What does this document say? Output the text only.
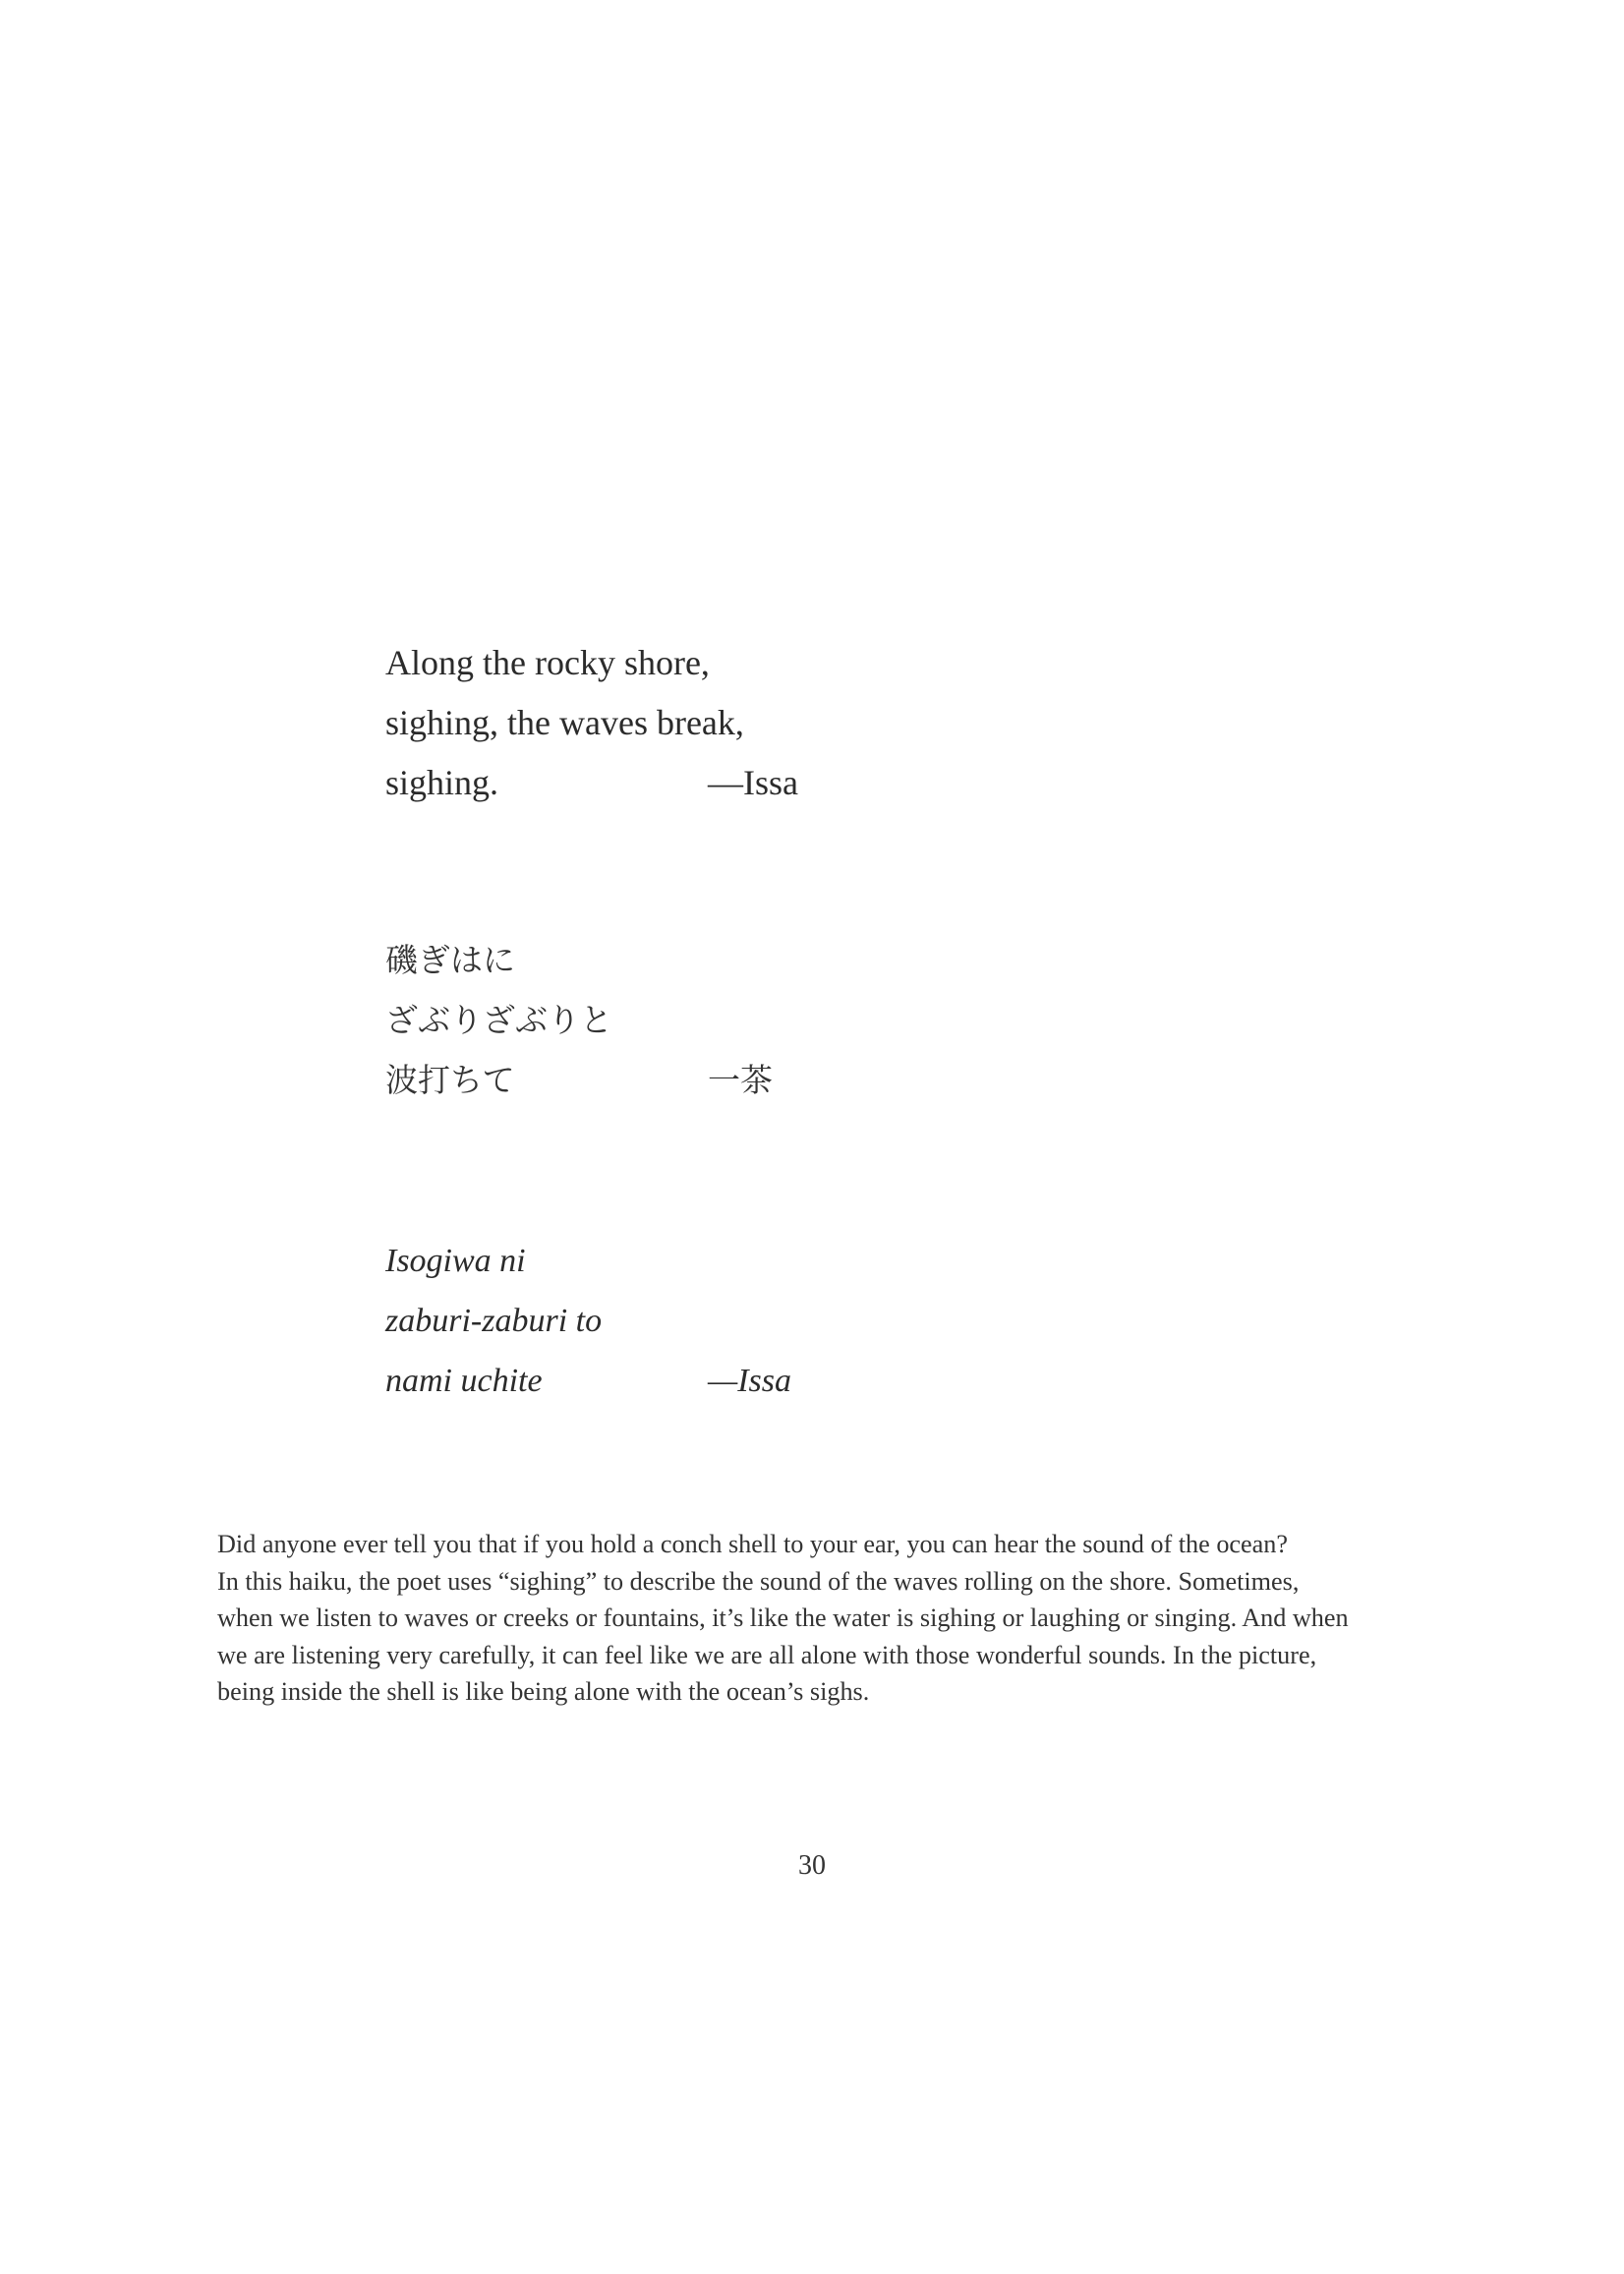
Along the rocky shore,
sighing, the waves break,
sighing.	—Issa
磯ぎはに
ざぶりざぶりと
波打ちて	一茶
Isogiwa ni
zaburi-zaburi to
nami uchite	—Issa

Did anyone ever tell you that if you hold a conch shell to your ear, you can hear the sound of the ocean?

In this haiku, the poet uses “sighing” to describe the sound of the waves rolling on the shore. Sometimes,

when we listen to waves or creeks or fountains, it’s like the water is sighing or laughing or singing. And when

we are listening very carefully, it can feel like we are all alone with those wonderful sounds. In the picture,

being inside the shell is like being alone with the ocean’s sighs.

30
